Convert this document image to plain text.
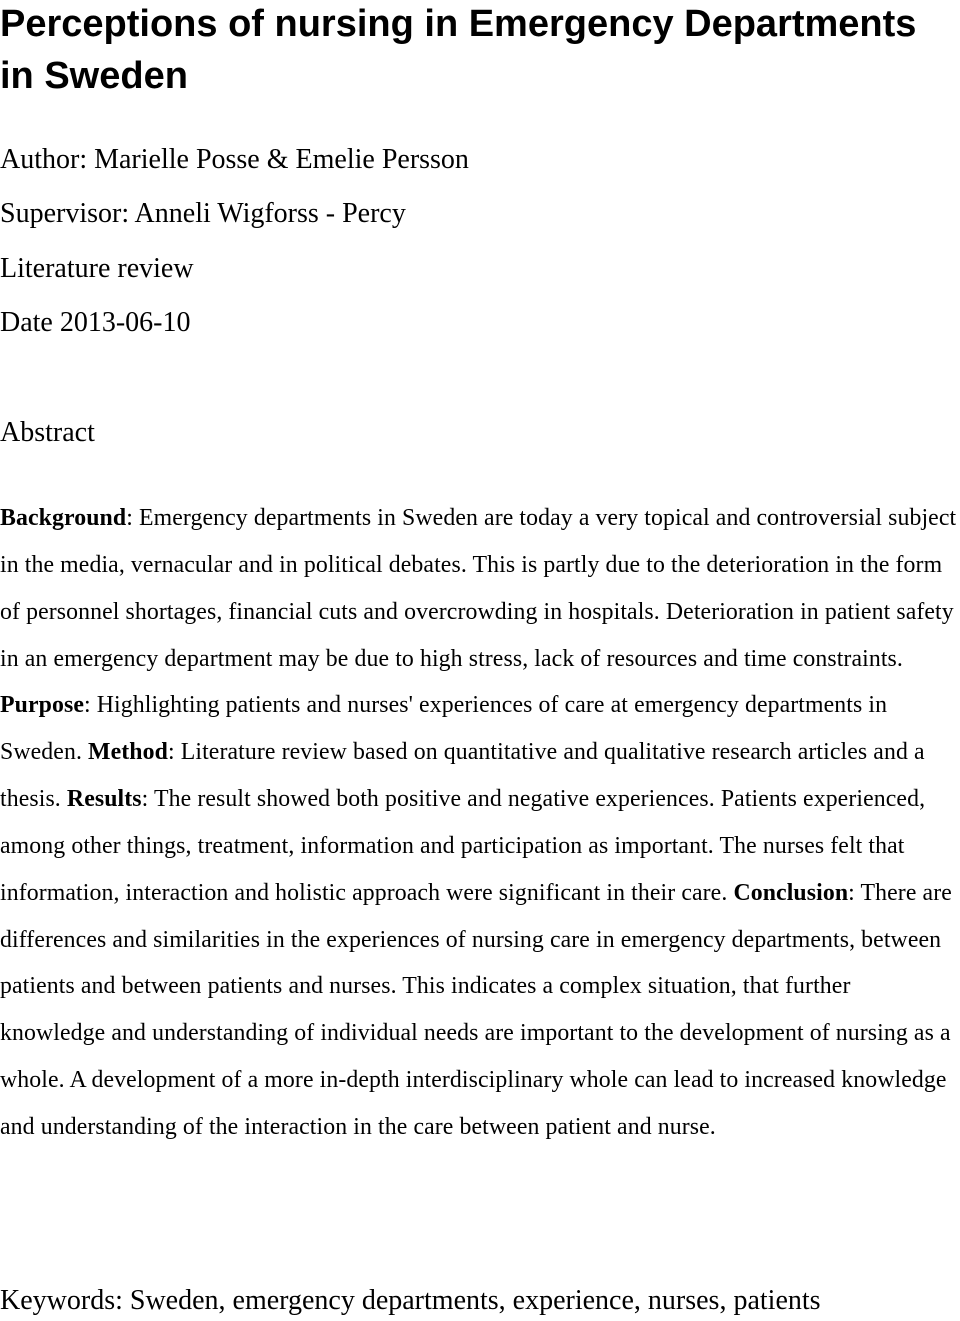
Perceptions of nursing in Emergency Departments in Sweden

Author: Marielle Posse & Emelie Persson

Supervisor: Anneli Wigforss - Percy

Literature review

Date 2013-06-10

Abstract

Background: Emergency departments in Sweden are today a very topical and controversial subject in the media, vernacular and in political debates. This is partly due to the deterioration in the form of personnel shortages, financial cuts and overcrowding in hospitals. Deterioration in patient safety in an emergency department may be due to high stress, lack of resources and time constraints. Purpose: Highlighting patients and nurses' experiences of care at emergency departments in Sweden. Method: Literature review based on quantitative and qualitative research articles and a thesis. Results: The result showed both positive and negative experiences. Patients experienced, among other things, treatment, information and participation as important. The nurses felt that information, interaction and holistic approach were significant in their care. Conclusion: There are differences and similarities in the experiences of nursing care in emergency departments, between patients and between patients and nurses. This indicates a complex situation, that further knowledge and understanding of individual needs are important to the development of nursing as a whole. A development of a more in-depth interdisciplinary whole can lead to increased knowledge and understanding of the interaction in the care between patient and nurse.

Keywords: Sweden, emergency departments, experience, nurses, patients
